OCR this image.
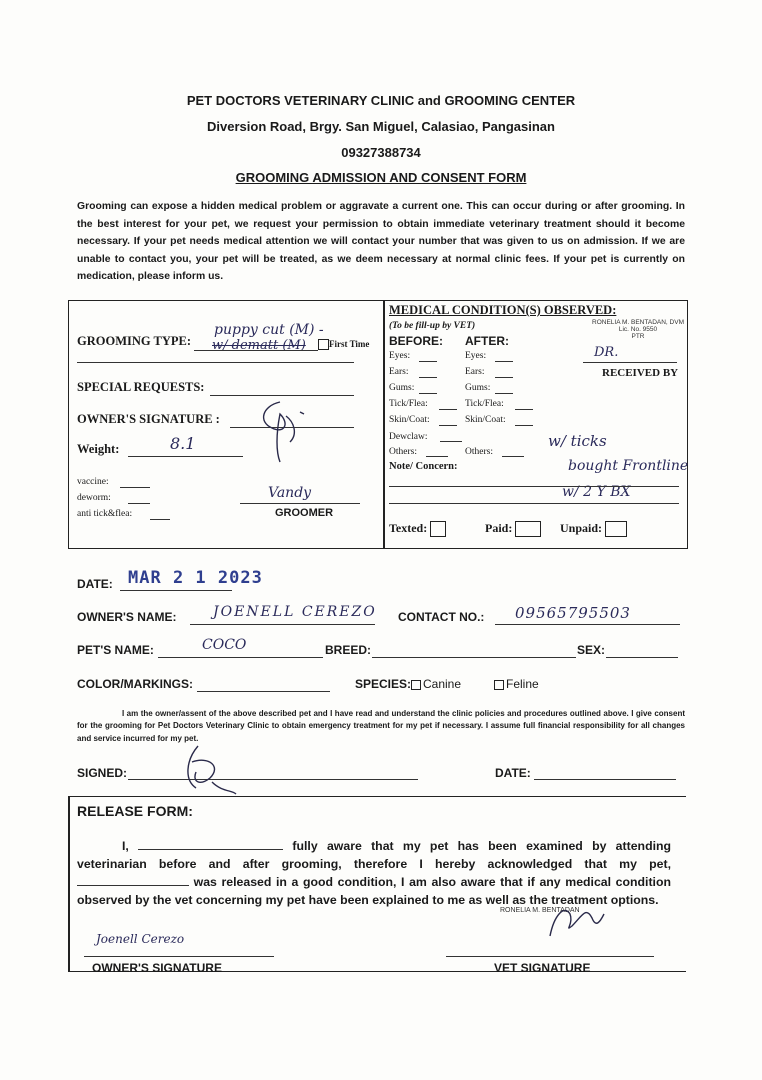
PET DOCTORS VETERINARY CLINIC and GROOMING CENTER
Diversion Road, Brgy. San Miguel, Calasiao, Pangasinan
09327388734
GROOMING ADMISSION AND CONSENT FORM
Grooming can expose a hidden medical problem or aggravate a current one. This can occur during or after grooming. In the best interest for your pet, we request your permission to obtain immediate veterinary treatment should it become necessary. If your pet needs medical attention we will contact your number that was given to us on admission. If we are unable to contact you, your pet will be treated, as we deem necessary at normal clinic fees. If your pet is currently on medication, please inform us.
GROOMING TYPE:
puppy cut (M) -
w/ dematt (M)	First Time
SPECIAL REQUESTS:
OWNER'S SIGNATURE :
Weight:	8.1
vaccine:
deworm:
anti tick&flea:
Vandy
GROOMER
MEDICAL CONDITION(S) OBSERVED:
(To be fill-up by VET)
BEFORE: AFTER:
Eyes:	Eyes:
Ears:	Ears:
Gums:	Gums:
Tick/Flea:	Tick/Flea:
Skin/Coat:	Skin/Coat:
Dewclaw:
Others:	Others:
Note/ Concern:
w/ ticks
bought Frontline
w/ 2 Y BX
RONELIA M. BENTADAN, DVM
Lic. No. 9550
PTR
DR.
RECEIVED BY
Texted:	Paid:	Unpaid:
DATE: MAR 2 1 2023
OWNER'S NAME:	JOENELL CEREZO CONTACT NO.: 09565795503
PET'S NAME:	COCO	BREED:	SEX:
COLOR/MARKINGS:	SPECIES: Canine	Feline
I am the owner/assent of the above described pet and I have read and understand the clinic policies and procedures outlined above. I give consent for the grooming for Pet Doctors Veterinary Clinic to obtain emergency treatment for my pet if necessary. I assume full financial responsibility for all changes and service incurred for my pet.
SIGNED:	DATE:
RELEASE FORM:
I,	fully aware that my pet has been examined by attending veterinarian before and after grooming, therefore I hereby acknowledged that my pet,  was released in a good condition, I am also aware that if any medical condition observed by the vet concerning my pet have been explained to me as well as the treatment options.
Joenell Cerezo
OWNER'S SIGNATURE
RONELIA M. BENTADAN
VET SIGNATURE
